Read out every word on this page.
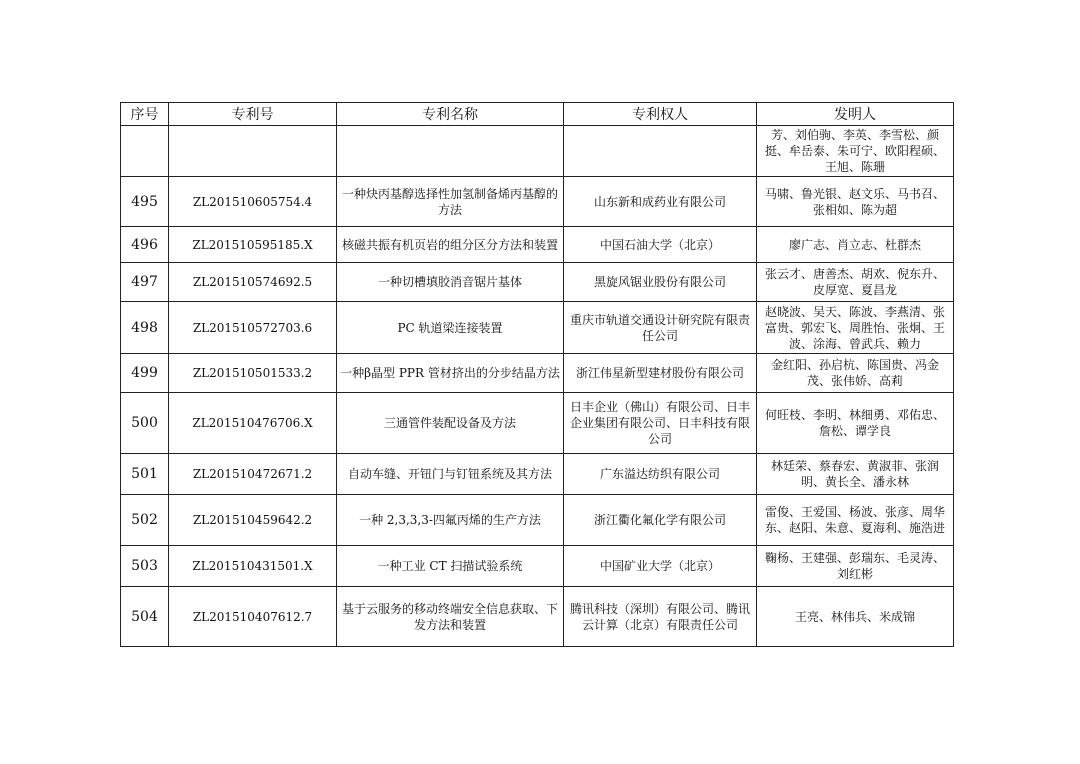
序号	专利号	专利名称	专利权人	发明人
				芳、刘伯驹、李英、李雪松、颜挺、牟岳泰、朱可宁、欧阳程硕、王旭、陈珊
495	ZL201510605754.4	一种炔丙基醇选择性加氢制备烯丙基醇的方法	山东新和成药业有限公司	马啸、鲁光银、赵文乐、马书召、张相如、陈为超
496	ZL201510595185.X	核磁共振有机页岩的组分区分方法和装置	中国石油大学（北京）	廖广志、肖立志、杜群杰
497	ZL201510574692.5	一种切槽填胶消音锯片基体	黑旋风锯业股份有限公司	张云才、唐善杰、胡欢、倪东升、皮厚宽、夏昌龙
498	ZL201510572703.6	PC 轨道梁连接装置	重庆市轨道交通设计研究院有限责任公司	赵晓波、吴天、陈波、李燕清、张富贵、郭宏飞、周胜怡、张炯、王波、涂海、曾武兵、赖力
499	ZL201510501533.2	一种β晶型 PPR 管材挤出的分步结晶方法	浙江伟星新型建材股份有限公司	金红阳、孙启杭、陈国贵、冯金茂、张伟娇、高莉
500	ZL201510476706.X	三通管件装配设备及方法	日丰企业（佛山）有限公司、日丰企业集团有限公司、日丰科技有限公司	何旺枝、李明、林细勇、邓佑忠、詹松、谭学良
501	ZL201510472671.2	自动车缝、开钮门与钉钮系统及其方法	广东溢达纺织有限公司	林廷荣、蔡春宏、黄淑菲、张润明、黄长全、潘永林
502	ZL201510459642.2	一种 2,3,3,3-四氟丙烯的生产方法	浙江衢化氟化学有限公司	雷俊、王爱国、杨波、张彦、周华东、赵阳、朱意、夏海利、施浩进
503	ZL201510431501.X	一种工业 CT 扫描试验系统	中国矿业大学（北京）	鞠杨、王建强、彭瑞东、毛灵涛、刘红彬
504	ZL201510407612.7	基于云服务的移动终端安全信息获取、下发方法和装置	腾讯科技（深圳）有限公司、腾讯云计算（北京）有限责任公司	王亮、林伟兵、米成锦
